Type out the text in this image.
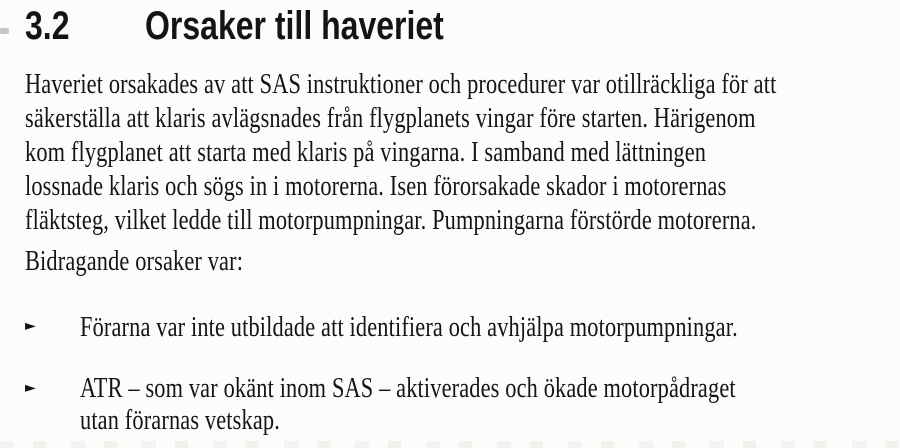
3.2 Orsaker till haveriet
Haveriet orsakades av att SAS instruktioner och procedurer var otillräckliga för att
säkerställa att klaris avlägsnades från flygplanets vingar före starten. Härigenom
kom flygplanet att starta med klaris på vingarna. I samband med lättningen
lossnade klaris och sögs in i motorerna. Isen förorsakade skador i motorernas
fläktsteg, vilket ledde till motorpumpningar. Pumpningarna förstörde motorerna.
Bidragande orsaker var:
►	Förarna var inte utbildade att identifiera och avhjälpa motorpumpningar.
►	ATR – som var okänt inom SAS – aktiverades och ökade motorpådraget
utan förarnas vetskap.
